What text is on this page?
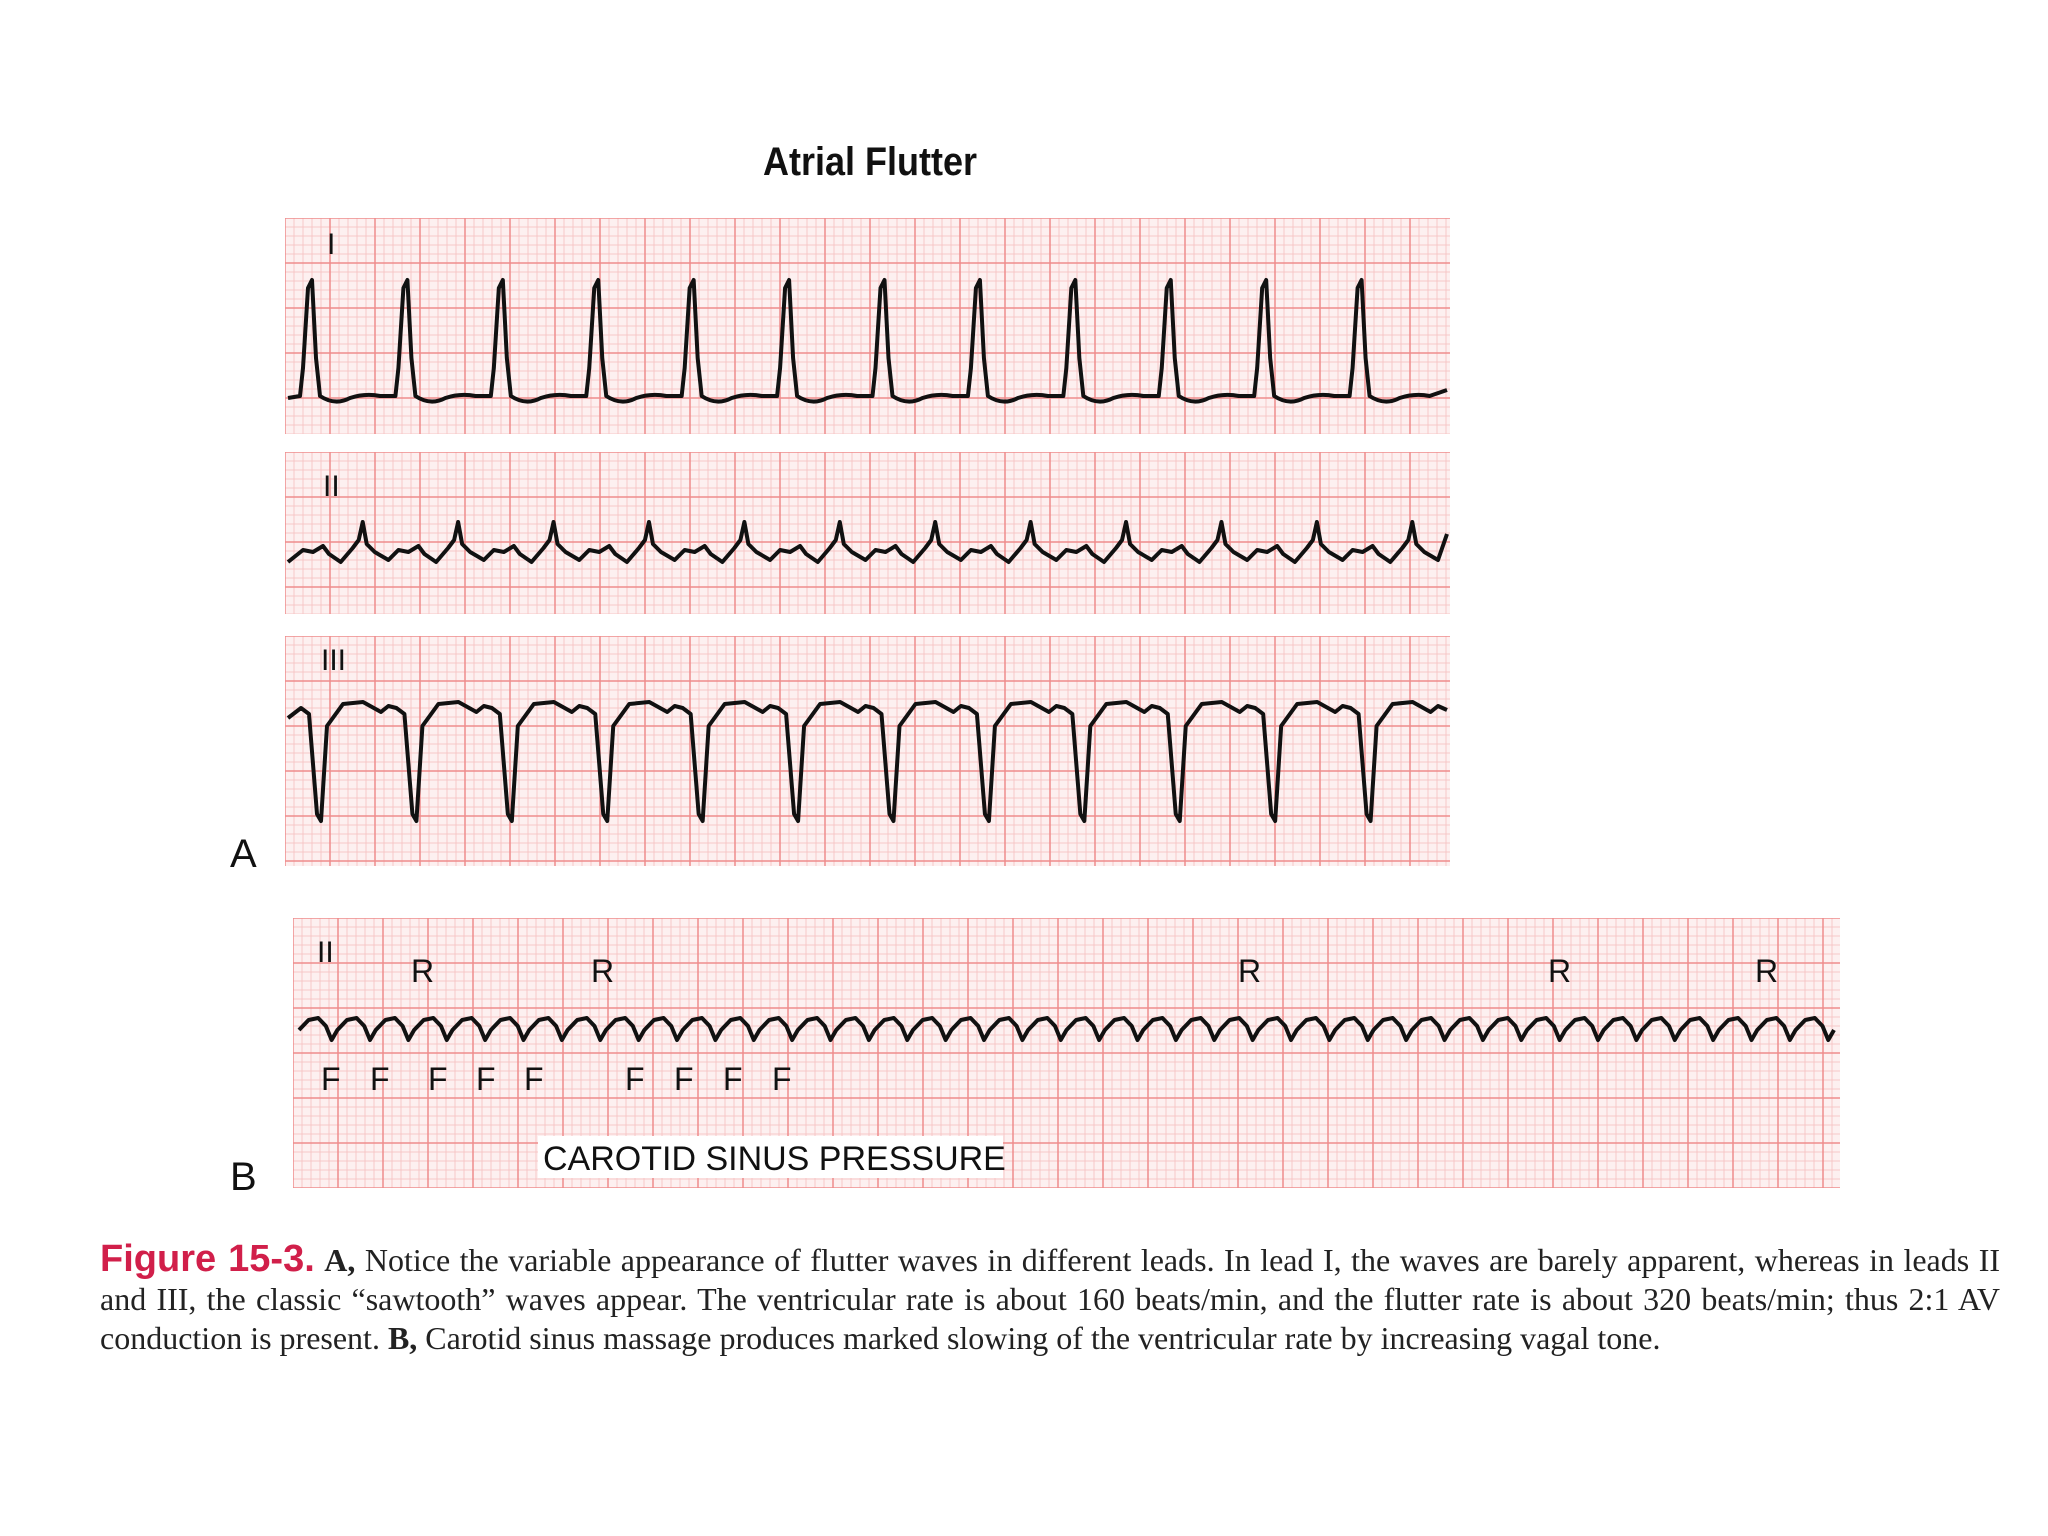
Atrial Flutter
I
II
III
A
II
R	R	R	R	R
F F F F F	F F F F
CAROTID SINUS PRESSURE
B
Figure 15-3. A, Notice the variable appearance of flutter waves in different leads. In lead I, the waves are barely apparent, whereas in leads II and III, the classic “sawtooth” waves appear. The ventricular rate is about 160 beats/min, and the flutter rate is about 320 beats/min; thus 2:1 AV conduction is present. B, Carotid sinus massage produces marked slowing of the ventricular rate by increasing vagal tone.
